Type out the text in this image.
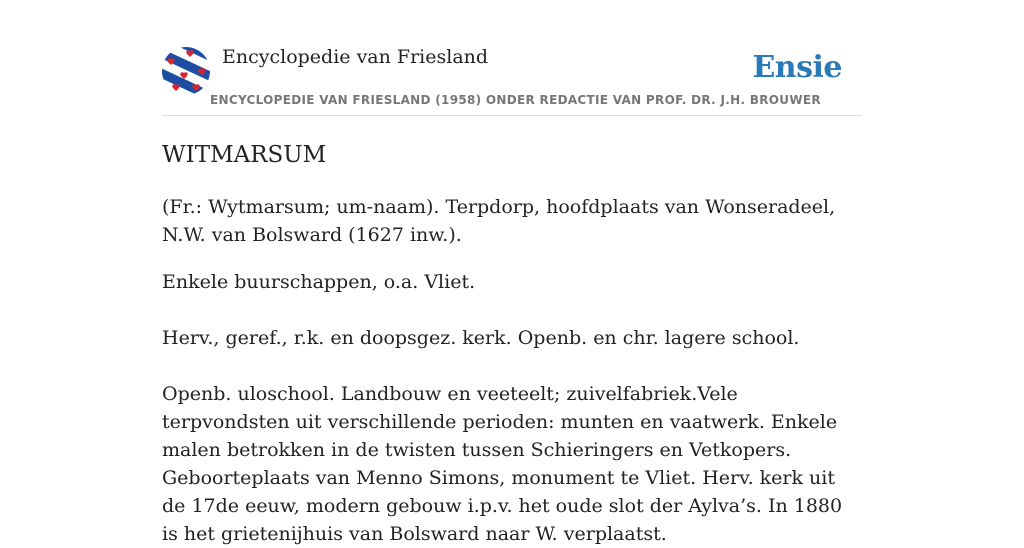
Encyclopedie van Friesland	Ensie
ENCYCLOPEDIE VAN FRIESLAND (1958) ONDER REDACTIE VAN PROF. DR. J.H. BROUWER
WITMARSUM

(Fr.: Wytmarsum; um-naam). Terpdorp, hoofdplaats van Wonseradeel, N.W. van Bolsward (1627 inw.).

Enkele buurschappen, o.a. Vliet.

Herv., geref., r.k. en doopsgez. kerk. Openb. en chr. lagere school.

Openb. uloschool. Landbouw en veeteelt; zuivelfabriek.Vele terpvondsten uit verschillende perioden: munten en vaatwerk. Enkele malen betrokken in de twisten tussen Schieringers en Vetkopers. Geboorteplaats van Menno Simons, monument te Vliet. Herv. kerk uit de 17de eeuw, modern gebouw i.p.v. het oude slot der Aylva’s. In 1880 is het grietenijhuis van Bolsward naar W. verplaatst.
